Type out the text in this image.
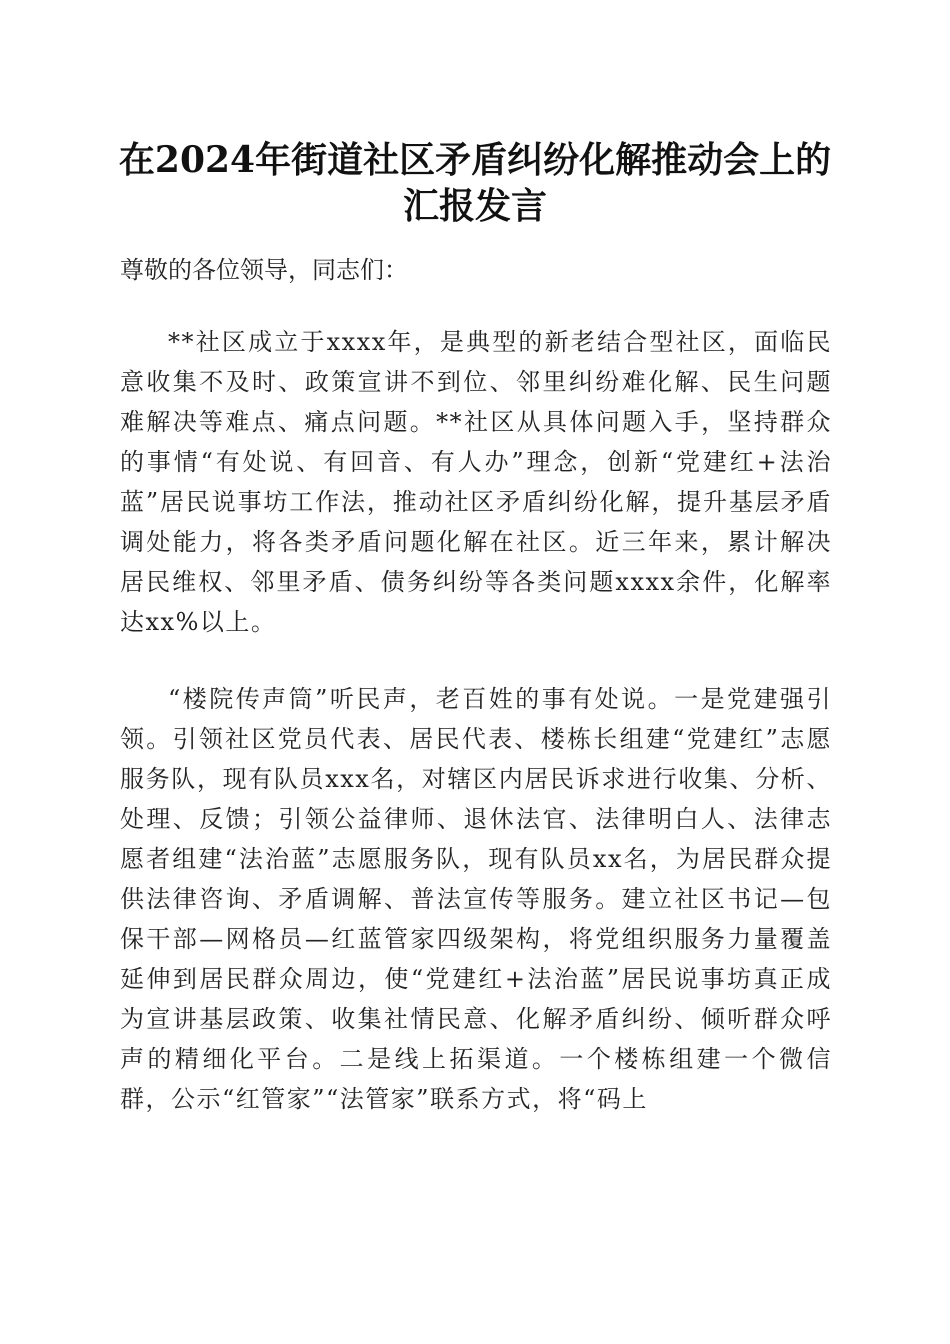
在2024年街道社区矛盾纠纷化解推动会上的
汇报发言
尊敬的各位领导，同志们：

**社区成立于xxxx年，是典型的新老结合型社区，面临民意收集不及时、政策宣讲不到位、邻里纠纷难化解、民生问题难解决等难点、痛点问题。**社区从具体问题入手，坚持群众的事情“有处说、有回音、有人办”理念，创新“党建红+法治蓝”居民说事坊工作法，推动社区矛盾纠纷化解，提升基层矛盾调处能力，将各类矛盾问题化解在社区。近三年来，累计解决居民维权、邻里矛盾、债务纠纷等各类问题xxxx余件，化解率达xx%以上。

“楼院传声筒”听民声，老百姓的事有处说。一是党建强引领。引领社区党员代表、居民代表、楼栋长组建“党建红”志愿服务队，现有队员xxx名，对辖区内居民诉求进行收集、分析、处理、反馈；引领公益律师、退休法官、法律明白人、法律志愿者组建“法治蓝”志愿服务队，现有队员xx名，为居民群众提供法律咨询、矛盾调解、普法宣传等服务。建立社区书记—包保干部—网格员—红蓝管家四级架构，将党组织服务力量覆盖延伸到居民群众周边，使“党建红+法治蓝”居民说事坊真正成为宣讲基层政策、收集社情民意、化解矛盾纠纷、倾听群众呼声的精细化平台。二是线上拓渠道。一个楼栋组建一个微信群，公示“红管家”“法管家”联系方式，将“码上
